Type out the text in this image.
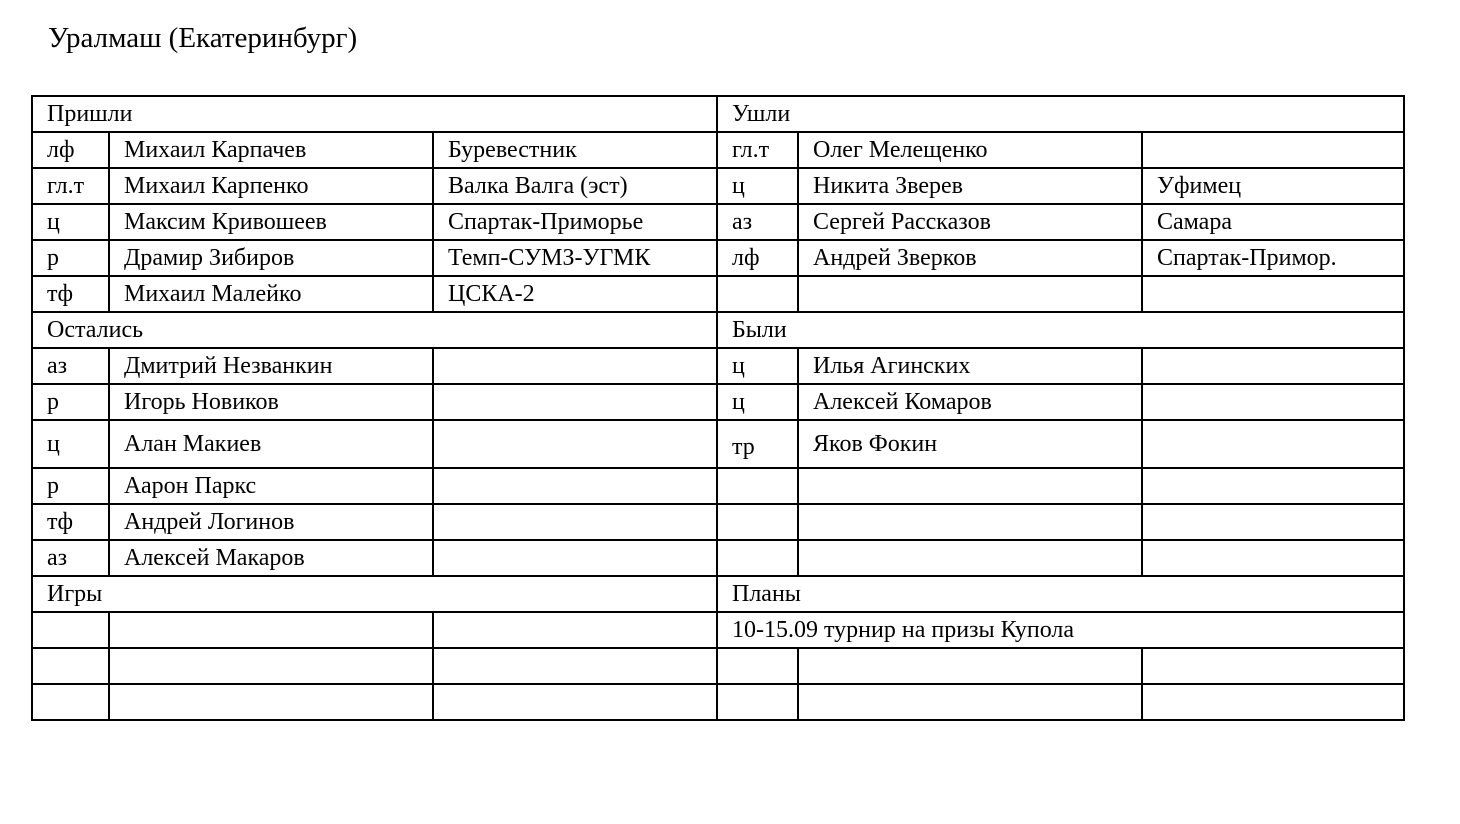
Уралмаш (Екатеринбург)
Пришли			Ушли		
лф	Михаил Карпачев	Буревестник	гл.т	Олег Мелещенко	
гл.т	Михаил Карпенко	Валка Валга (эст)	ц	Никита Зверев	Уфимец
ц	Максим Кривошеев	Спартак-Приморье	аз	Сергей Рассказов	Самара
р	Драмир Зибиров	Темп-СУМЗ-УГМК	лф	Андрей Зверков	Спартак-Примор.
тф	Михаил Малейко	ЦСКА-2			
Остались			Были		
аз	Дмитрий Незванкин		ц	Илья Агинских	
р	Игорь Новиков		ц	Алексей Комаров	
ц	Алан Макиев		тр	Яков Фокин	
р	Аарон Паркс				
тф	Андрей Логинов				
аз	Алексей Макаров				
Игры			Планы		
			10-15.09 турнир на призы Купола		
